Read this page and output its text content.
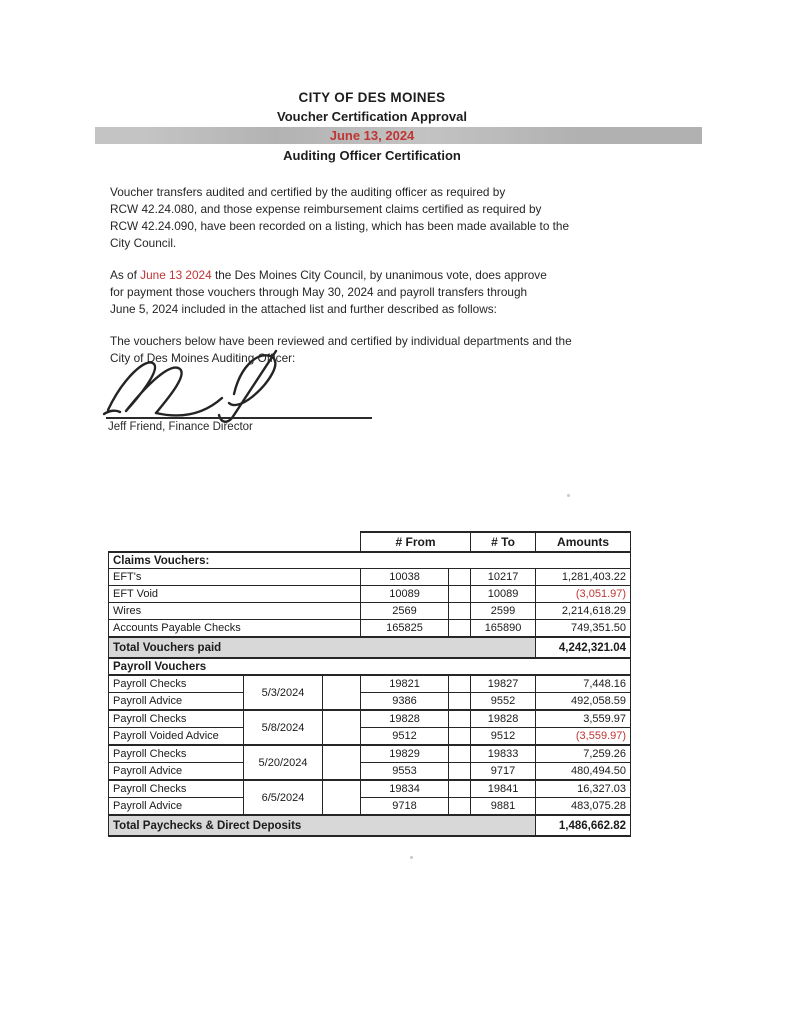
CITY OF DES MOINES
Voucher Certification Approval
June 13, 2024
Auditing Officer Certification
Voucher transfers audited and certified by the auditing officer as required by
RCW 42.24.080, and those expense reimbursement claims certified as required by
RCW 42.24.090, have been recorded on a listing, which has been made available to the
City Council.
As of June 13 2024 the Des Moines City Council, by unanimous vote, does approve
for payment those vouchers through May 30, 2024 and payroll transfers through
June 5, 2024 included in the attached list and further described as follows:
The vouchers below have been reviewed and certified by individual departments and the
City of Des Moines Auditing Officer:
Jeff Friend, Finance Director
			# From		# To	Amounts
Claims Vouchers:						
EFT's			10038		10217	1,281,403.22
EFT Void			10089		10089	(3,051.97)
Wires			2569		2599	2,214,618.29
Accounts Payable Checks			165825		165890	749,351.50
Total Vouchers paid						4,242,321.04
Payroll Vouchers						
Payroll Checks	5/3/2024		19821		19827	7,448.16
Payroll Advice			9386		9552	492,058.59
Payroll Checks	5/8/2024		19828		19828	3,559.97
Payroll Voided Advice			9512		9512	(3,559.97)
Payroll Checks	5/20/2024		19829		19833	7,259.26
Payroll Advice			9553		9717	480,494.50
Payroll Checks	6/5/2024		19834		19841	16,327.03
Payroll Advice			9718		9881	483,075.28
Total Paychecks & Direct Deposits						1,486,662.82
